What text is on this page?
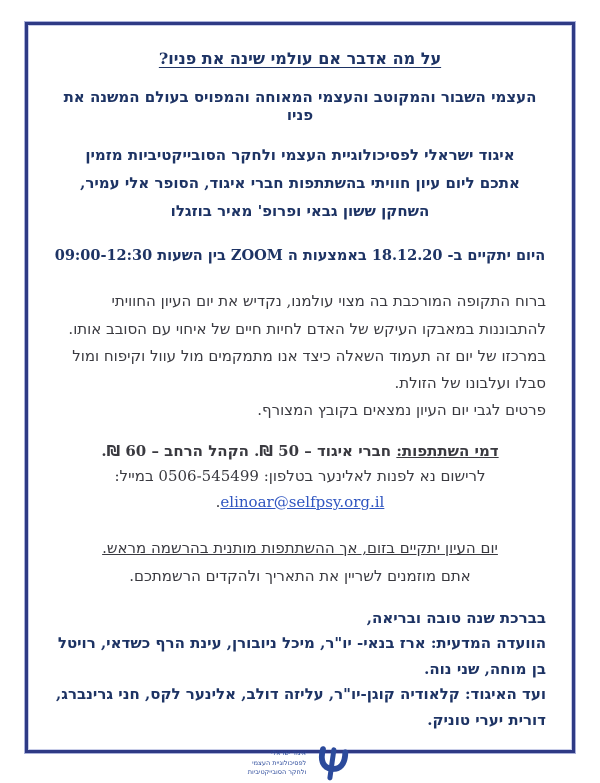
על מה אדבר אם עולמי שינה את פניו?

העצמי השבור והמקוטב והעצמי המאוחה והמפויס בעולם המשנה את פניו

איגוד ישראלי לפסיכולוגיית העצמי ולחקר הסובייקטיביות מזמין אתכם ליום עיון חוויתי בהשתתפות חברי איגוד, הסופר אלי עמיר, השחקן ששון גבאי ופרופ' מאיר בוזגלו

היום יתקיים ב- 18.12.20 באמצעות ה ZOOM בין השעות 09:00-12:30

ברוח התקופה המורכבת בה מצוי עולמנו, נקדיש את יום העיון החוויתי להתבוננות במאבקו העיקש של האדם לחיות חיים של איחוי עם הסובב אותו. במרכזו של יום זה תעמוד השאלה כיצד אנו מתמקמים מול עוול וקיפוח ומול סבלו ועלבונו של הזולת.

פרטים לגבי יום העיון נמצאים בקובץ המצורף.

דמי השתתפות: חברי איגוד – 50 ₪. הקהל הרחב – 60 ₪.

לרישום נא לפנות לאלינער בטלפון: 0506-545499 במייל: elinoar@selfpsy.org.il.

יום העיון יתקיים בזום, אך ההשתתפות מותנית בהרשמה מראש.

אתם מוזמנים לשריין את התאריך ולהקדים הרשמתכם.

בברכת שנה טובה ובריאה,

הוועדה המדעית: ארז בנאי- יו"ר, מיכל ניובורן, עינת הרף כשדאי, רויטל בן מוחה, שני נוה.

ועד האיגוד: קלאודיה קוגן-יו"ר, עליזה דולב, אלינער לקס, חני גרינברג, דורית יערי טוניק.

איגוד ישראלי
לפסיכולוגיית העצמי
ולחקר הסובייקטיביות
